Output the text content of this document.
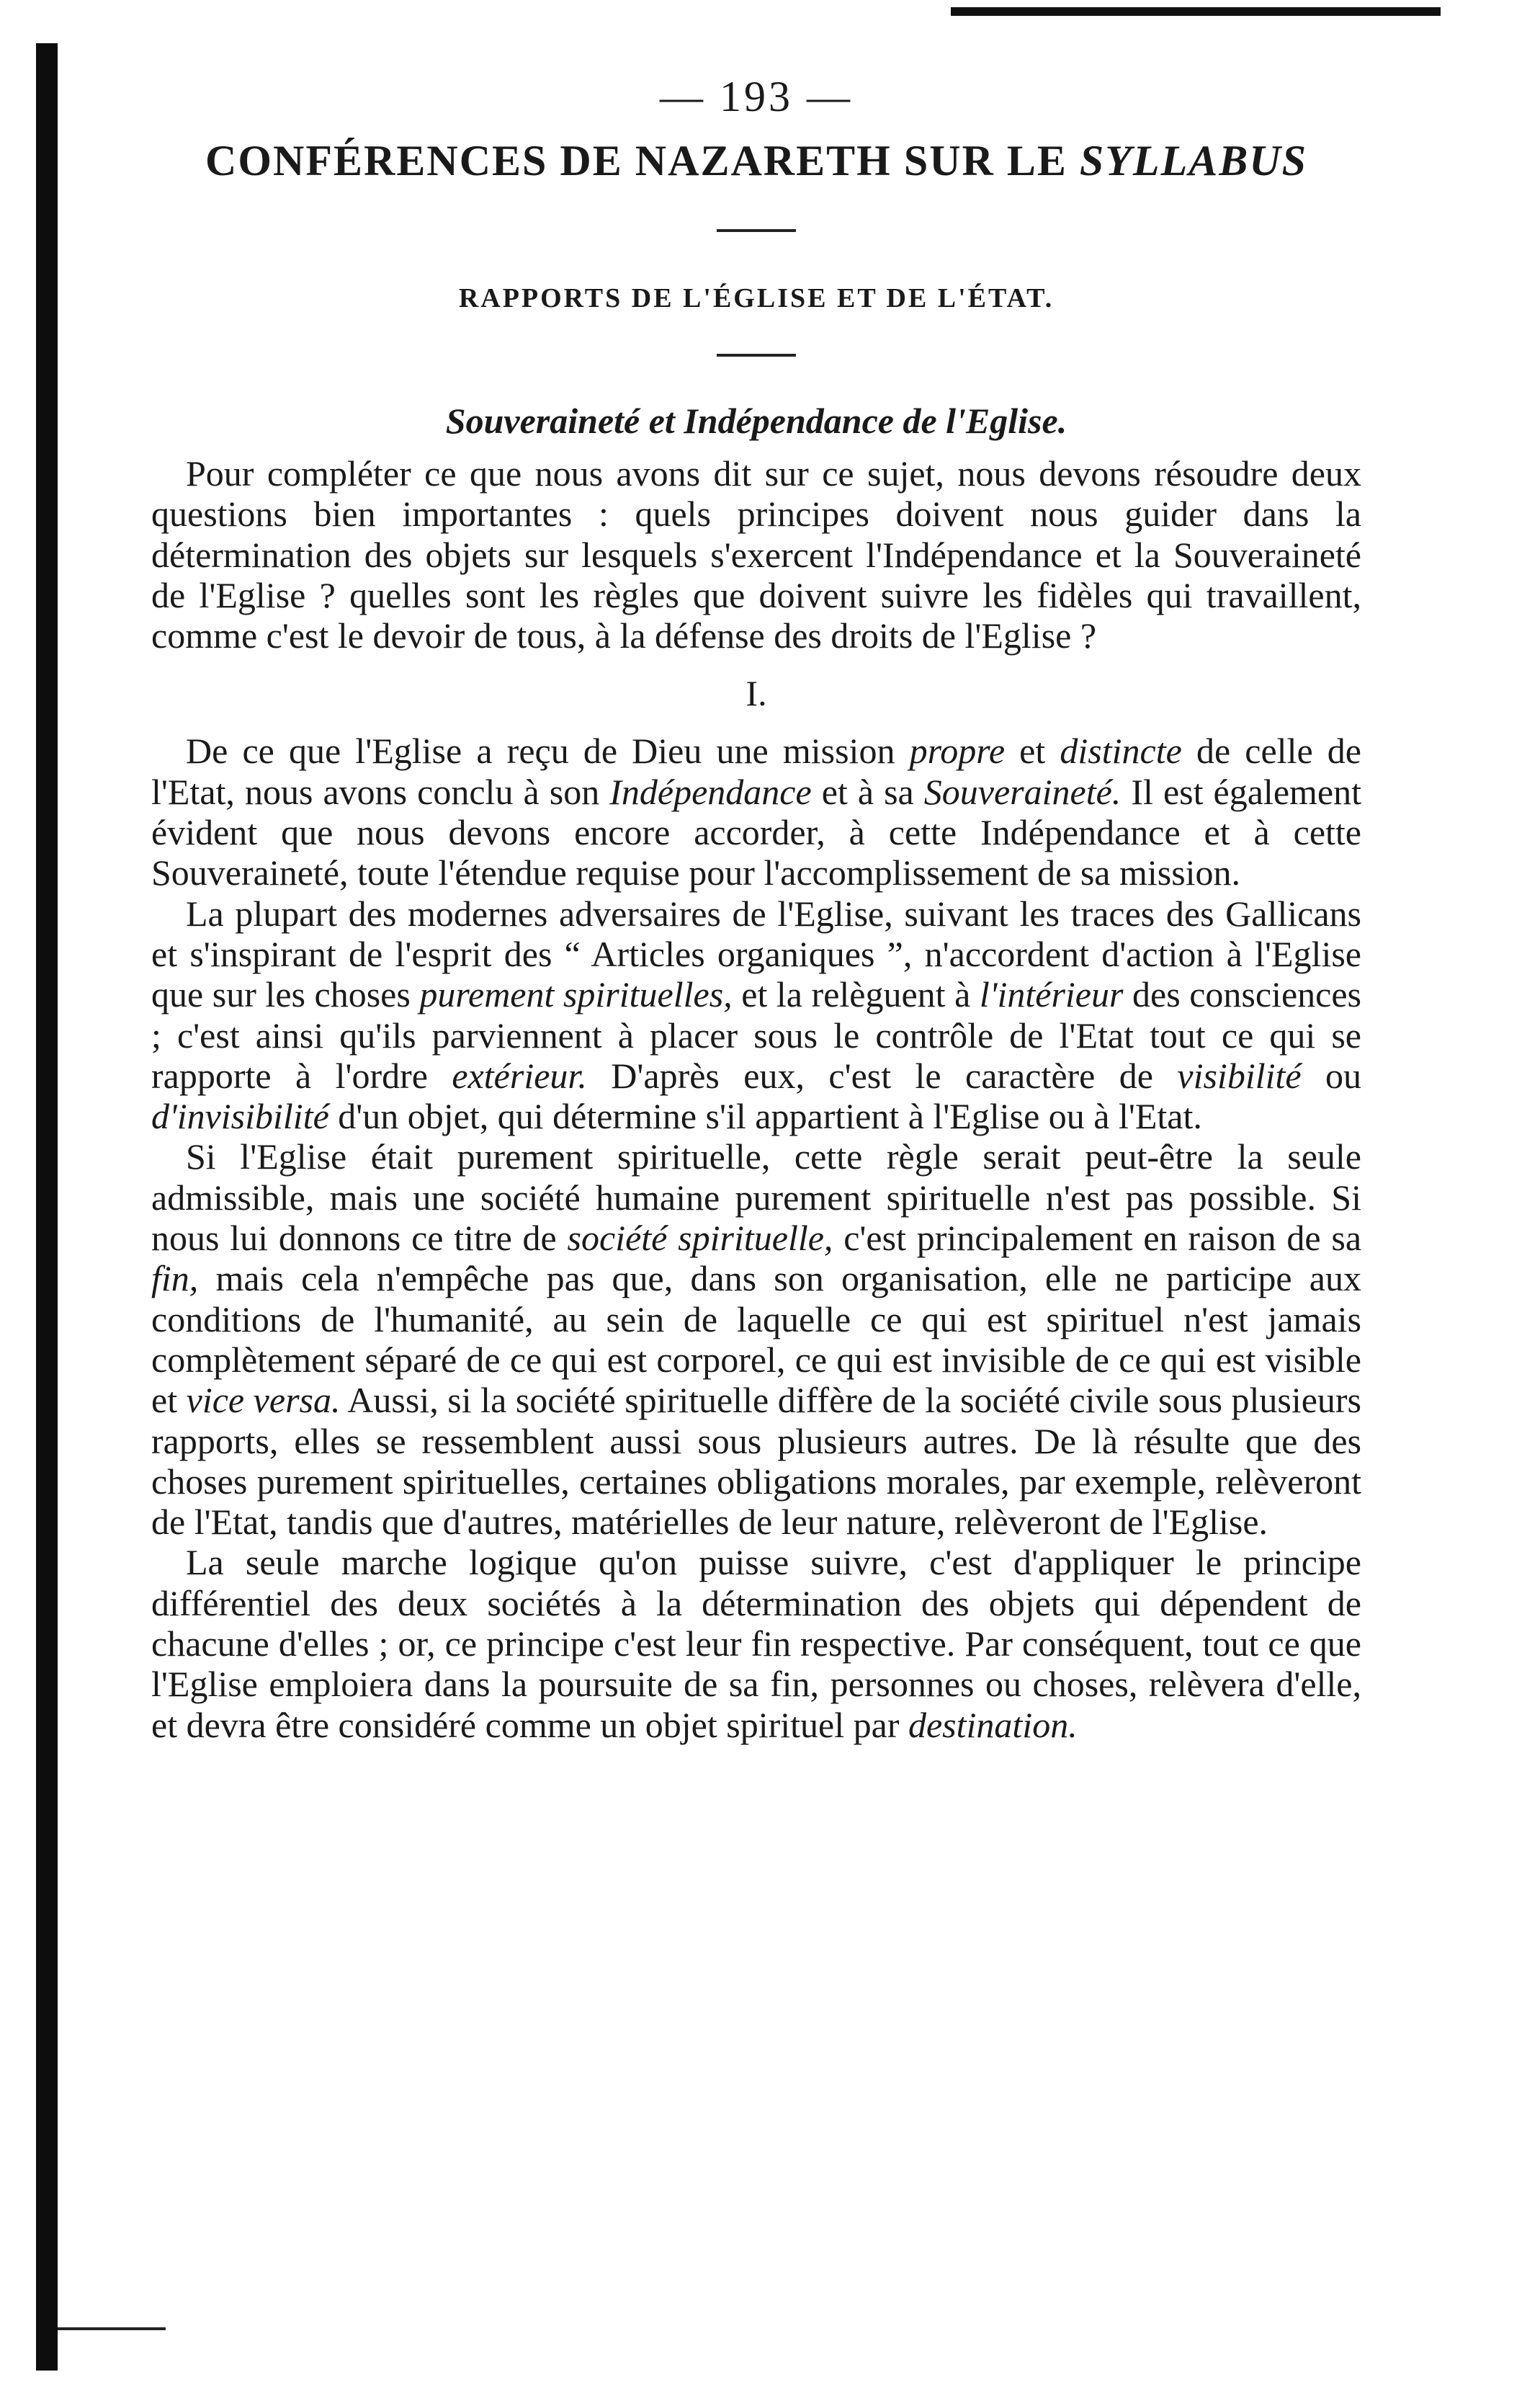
— 193 —
CONFÉRENCES DE NAZARETH SUR LE SYLLABUS
RAPPORTS DE L'ÉGLISE ET DE L'ÉTAT.
Souveraineté et Indépendance de l'Eglise.

Pour compléter ce que nous avons dit sur ce sujet, nous devons résoudre deux questions bien importantes : quels principes doivent nous guider dans la détermination des objets sur lesquels s'exercent l'Indépendance et la Souveraineté de l'Eglise ? quelles sont les règles que doivent suivre les fidèles qui travaillent, comme c'est le devoir de tous, à la défense des droits de l'Eglise ?

I.

De ce que l'Eglise a reçu de Dieu une mission propre et distincte de celle de l'Etat, nous avons conclu à son Indépendance et à sa Souveraineté. Il est également évident que nous devons encore accorder, à cette Indépendance et à cette Souveraineté, toute l'étendue requise pour l'accomplissement de sa mission.

La plupart des modernes adversaires de l'Eglise, suivant les traces des Gallicans et s'inspirant de l'esprit des “ Articles organiques ”, n'accordent d'action à l'Eglise que sur les choses purement spirituelles, et la relèguent à l'intérieur des consciences ; c'est ainsi qu'ils parviennent à placer sous le contrôle de l'Etat tout ce qui se rapporte à l'ordre extérieur. D'après eux, c'est le caractère de visibilité ou d'invisibilité d'un objet, qui détermine s'il appartient à l'Eglise ou à l'Etat.

Si l'Eglise était purement spirituelle, cette règle serait peut-être la seule admissible, mais une société humaine purement spirituelle n'est pas possible. Si nous lui donnons ce titre de société spirituelle, c'est principalement en raison de sa fin, mais cela n'empêche pas que, dans son organisation, elle ne participe aux conditions de l'humanité, au sein de laquelle ce qui est spirituel n'est jamais complètement séparé de ce qui est corporel, ce qui est invisible de ce qui est visible et vice versa. Aussi, si la société spirituelle diffère de la société civile sous plusieurs rapports, elles se ressemblent aussi sous plusieurs autres. De là résulte que des choses purement spirituelles, certaines obligations morales, par exemple, relèveront de l'Etat, tandis que d'autres, matérielles de leur nature, relèveront de l'Eglise.

La seule marche logique qu'on puisse suivre, c'est d'appliquer le principe différentiel des deux sociétés à la détermination des objets qui dépendent de chacune d'elles ; or, ce principe c'est leur fin respective. Par conséquent, tout ce que l'Eglise emploiera dans la poursuite de sa fin, personnes ou choses, relèvera d'elle, et devra être considéré comme un objet spirituel par destination.
